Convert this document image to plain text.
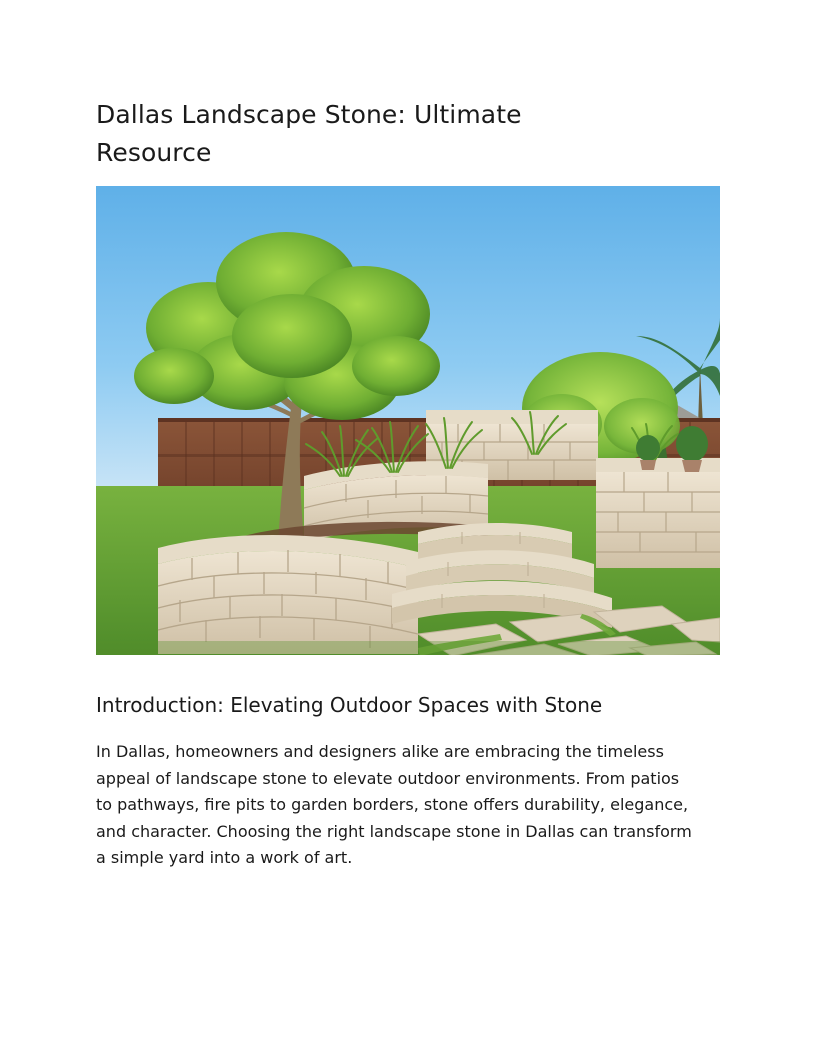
Dallas Landscape Stone: Ultimate Resource
Introduction: Elevating Outdoor Spaces with Stone

In Dallas, homeowners and designers alike are embracing the timeless appeal of landscape stone to elevate outdoor environments. From patios to pathways, fire pits to garden borders, stone offers durability, elegance, and character. Choosing the right landscape stone in Dallas can transform a simple yard into a work of art.
